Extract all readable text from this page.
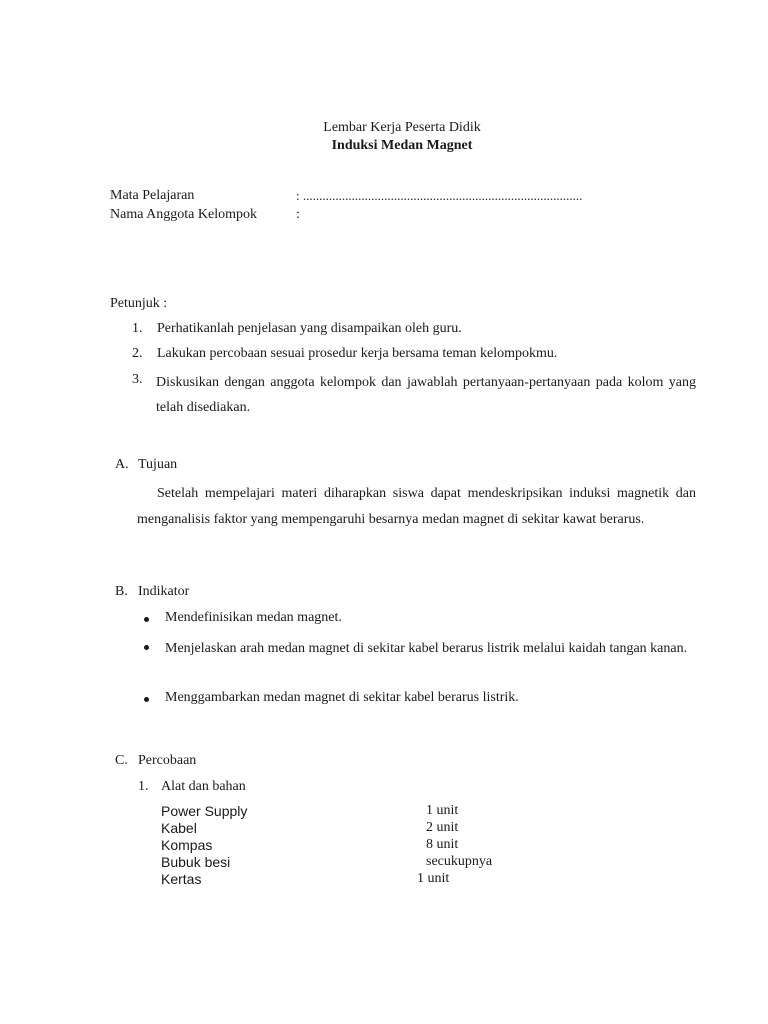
Lembar Kerja Peserta Didik
Induksi Medan Magnet
Mata Pelajaran	: ......................................................................................
Nama Anggota Kelompok	:
Petunjuk :
1. Perhatikanlah penjelasan yang disampaikan oleh guru.
2. Lakukan percobaan sesuai prosedur kerja bersama teman kelompokmu.
3. Diskusikan dengan anggota kelompok dan jawablah pertanyaan-pertanyaan pada kolom yang telah disediakan.
A. Tujuan
Setelah mempelajari materi diharapkan siswa dapat mendeskripsikan induksi magnetik dan menganalisis faktor yang mempengaruhi besarnya medan magnet di sekitar kawat berarus.
B. Indikator
Mendefinisikan medan magnet.
Menjelaskan arah medan magnet di sekitar kabel berarus listrik melalui kaidah tangan kanan.
Menggambarkan medan magnet di sekitar kabel berarus listrik.
C. Percobaan
1. Alat dan bahan
Power Supply	1 unit
Kabel	2 unit
Kompas	8 unit
Bubuk besi	secukupnya
Kertas	1 unit
